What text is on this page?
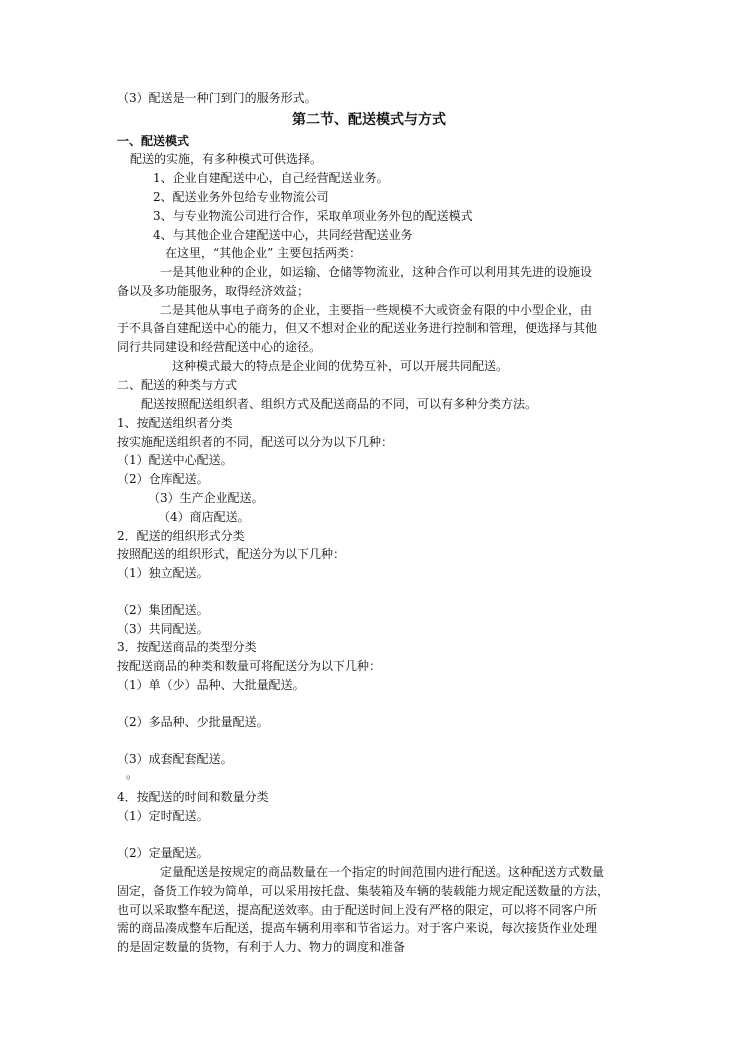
（3）配送是一种门到门的服务形式。
第二节、配送模式与方式
一、配送模式
配送的实施，有多种模式可供选择。
1、企业自建配送中心，自己经营配送业务。
2、配送业务外包给专业物流公司
3、与专业物流公司进行合作，采取单项业务外包的配送模式
4、与其他企业合建配送中心，共同经营配送业务
在这里，“其他企业” 主要包括两类：
一是其他业种的企业，如运输、仓储等物流业，这种合作可以利用其先进的设施设
备以及多功能服务，取得经济效益；
二是其他从事电子商务的企业，主要指一些规模不大或资金有限的中小型企业，由
于不具备自建配送中心的能力，但又不想对企业的配送业务进行控制和管理，便选择与其他
同行共同建设和经营配送中心的途径。
这种模式最大的特点是企业间的优势互补，可以开展共同配送。
二、配送的种类与方式
配送按照配送组织者、组织方式及配送商品的不同，可以有多种分类方法。
1、按配送组织者分类
按实施配送组织者的不同，配送可以分为以下几种：
（1）配送中心配送。
（2）仓库配送。
（3）生产企业配送。
（4）商店配送。
2．配送的组织形式分类
按照配送的组织形式，配送分为以下几种：
（1）独立配送。
（2）集团配送。
（3）共同配送。
3．按配送商品的类型分类
按配送商品的种类和数量可将配送分为以下几种：
（1）单（少）品种、大批量配送。
（2）多品种、少批量配送。
（3）成套配套配送。
。
4．按配送的时间和数量分类
（1）定时配送。
（2）定量配送。
定量配送是按规定的商品数量在一个指定的时间范围内进行配送。这种配送方式数量
固定，备货工作较为简单，可以采用按托盘、集装箱及车辆的装载能力规定配送数量的方法，
也可以采取整车配送，提高配送效率。由于配送时间上没有严格的限定，可以将不同客户所
需的商品凑成整车后配送，提高车辆利用率和节省运力。对于客户来说，每次接货作业处理
的是固定数量的货物，有利于人力、物力的调度和准备
